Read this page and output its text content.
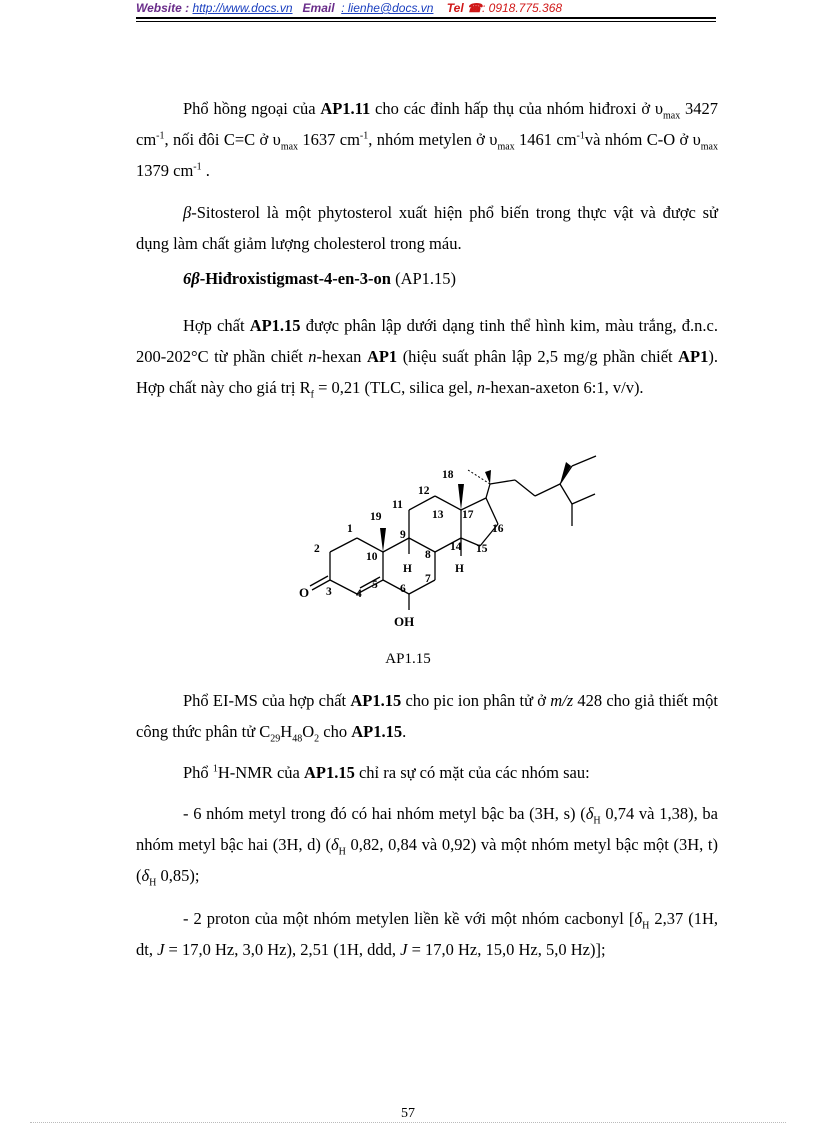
Website : http://www.docs.vn Email : lienhe@docs.vn Tel ☎: 0918.775.368

Phổ hồng ngoại của AP1.11 cho các đỉnh hấp thụ của nhóm hiđroxi ở $\upsilon_{max}$ 3427 $cm^{-1}$, nối đôi C=C ở $\upsilon_{max}$ 1637 $cm^{-1}$, nhóm metylen ở $\upsilon_{max}$ 1461 $cm^{-1}và$ nhóm C-O ở $\upsilon_{max}$ 1379 $cm^{-1}$ .

β-Sitosterol là một phytosterol xuất hiện phổ biến trong thực vật và được sử dụng làm chất giảm lượng cholesterol trong máu.

6β-Hiđroxistigmast-4-en-3-on (AP1.15)

Hợp chất AP1.15 được phân lập dưới dạng tinh thể hình kim, màu trắng, đ.n.c. 200-202°C từ phần chiết n-hexan AP1 (hiệu suất phân lập 2,5 mg/g phần chiết AP1). Hợp chất này cho giá trị $R_f = 0,21$ (TLC, silica gel, n-hexan-axeton 6:1, v/v).

18
19
11
12
13 17
16
1
2
9
10	8
14 15
H	H
7
3 4
5 6
O
OH
AP1.15

Phổ EI-MS của hợp chất AP1.15 cho pic ion phân tử ở m/z 428 cho giả thiết một công thức phân tử $C_{29}H_{48}O_2$ cho AP1.15.

Phổ $^1$H-NMR của AP1.15 chỉ ra sự có mặt của các nhóm sau:

- 6 nhóm metyl trong đó có hai nhóm metyl bậc ba (3H, s) ($\delta_H$ 0,74 và 1,38), ba nhóm metyl bậc hai (3H, d) ($\delta_H$ 0,82, 0,84 và 0,92) và một nhóm metyl bậc một (3H, t) ($\delta_H$ 0,85);

- 2 proton của một nhóm metylen liền kề với một nhóm cacbonyl [$\delta_H$ 2,37 (1H, dt, J = 17,0 Hz, 3,0 Hz), 2,51 (1H, ddd, J = 17,0 Hz, 15,0 Hz, 5,0 Hz)];

57
